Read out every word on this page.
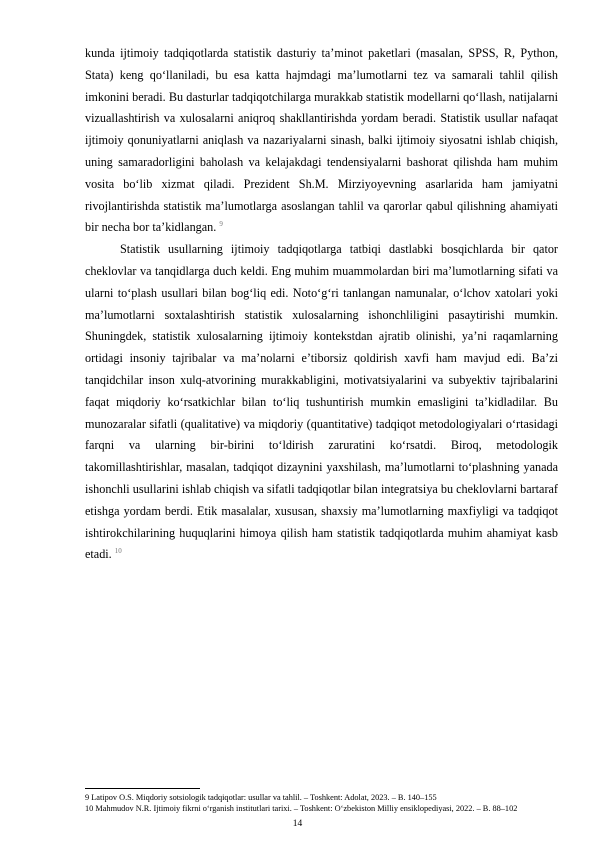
kunda ijtimoiy tadqiqotlarda statistik dasturiy ta’minot paketlari (masalan, SPSS, R, Python, Stata) keng qo‘llaniladi, bu esa katta hajmdagi ma’lumotlarni tez va samarali tahlil qilish imkonini beradi. Bu dasturlar tadqiqotchilarga murakkab statistik modellarni qo‘llash, natijalarni vizuallashtirish va xulosalarni aniqroq shakllantirishda yordam beradi. Statistik usullar nafaqat ijtimoiy qonuniyatlarni aniqlash va nazariyalarni sinash, balki ijtimoiy siyosatni ishlab chiqish, uning samaradorligini baholash va kelajakdagi tendensiyalarni bashorat qilishda ham muhim vosita bo‘lib xizmat qiladi. Prezident Sh.M. Mirziyoyevning asarlarida ham jamiyatni rivojlantirishda statistik ma’lumotlarga asoslangan tahlil va qarorlar qabul qilishning ahamiyati bir necha bor ta’kidlangan. $^9$

Statistik usullarning ijtimoiy tadqiqotlarga tatbiqi dastlabki bosqichlarda bir qator cheklovlar va tanqidlarga duch keldi. Eng muhim muammolardan biri ma’lumotlarning sifati va ularni to‘plash usullari bilan bog‘liq edi. Noto‘g‘ri tanlangan namunalar, o‘lchov xatolari yoki ma’lumotlarni soxtalashtirish statistik xulosalarning ishonchliligini pasaytirishi mumkin. Shuningdek, statistik xulosalarning ijtimoiy kontekstdan ajratib olinishi, ya’ni raqamlarning ortidagi insoniy tajribalar va ma’nolarni e’tiborsiz qoldirish xavfi ham mavjud edi. Ba’zi tanqidchilar inson xulq-atvorining murakkabligini, motivatsiyalarini va subyektiv tajribalarini faqat miqdoriy ko‘rsatkichlar bilan to‘liq tushuntirish mumkin emasligini ta’kidladilar. Bu munozaralar sifatli (qualitative) va miqdoriy (quantitative) tadqiqot metodologiyalari o‘rtasidagi farqni va ularning bir-birini to‘ldirish zaruratini ko‘rsatdi. Biroq, metodologik takomillashtirishlar, masalan, tadqiqot dizaynini yaxshilash, ma’lumotlarni to‘plashning yanada ishonchli usullarini ishlab chiqish va sifatli tadqiqotlar bilan integratsiya bu cheklovlarni bartaraf etishga yordam berdi. Etik masalalar, xususan, shaxsiy ma’lumotlarning maxfiyligi va tadqiqot ishtirokchilarining huquqlarini himoya qilish ham statistik tadqiqotlarda muhim ahamiyat kasb etadi. $^{10}$

9 Latipov O.S. Miqdoriy sotsiologik tadqiqotlar: usullar va tahlil. – Toshkent: Adolat, 2023. – B. 140–155

10 Mahmudov N.R. Ijtimoiy fikrni o‘rganish institutlari tarixi. – Toshkent: O‘zbekiston Milliy ensiklopediyasi, 2022. – B. 88–102

14
